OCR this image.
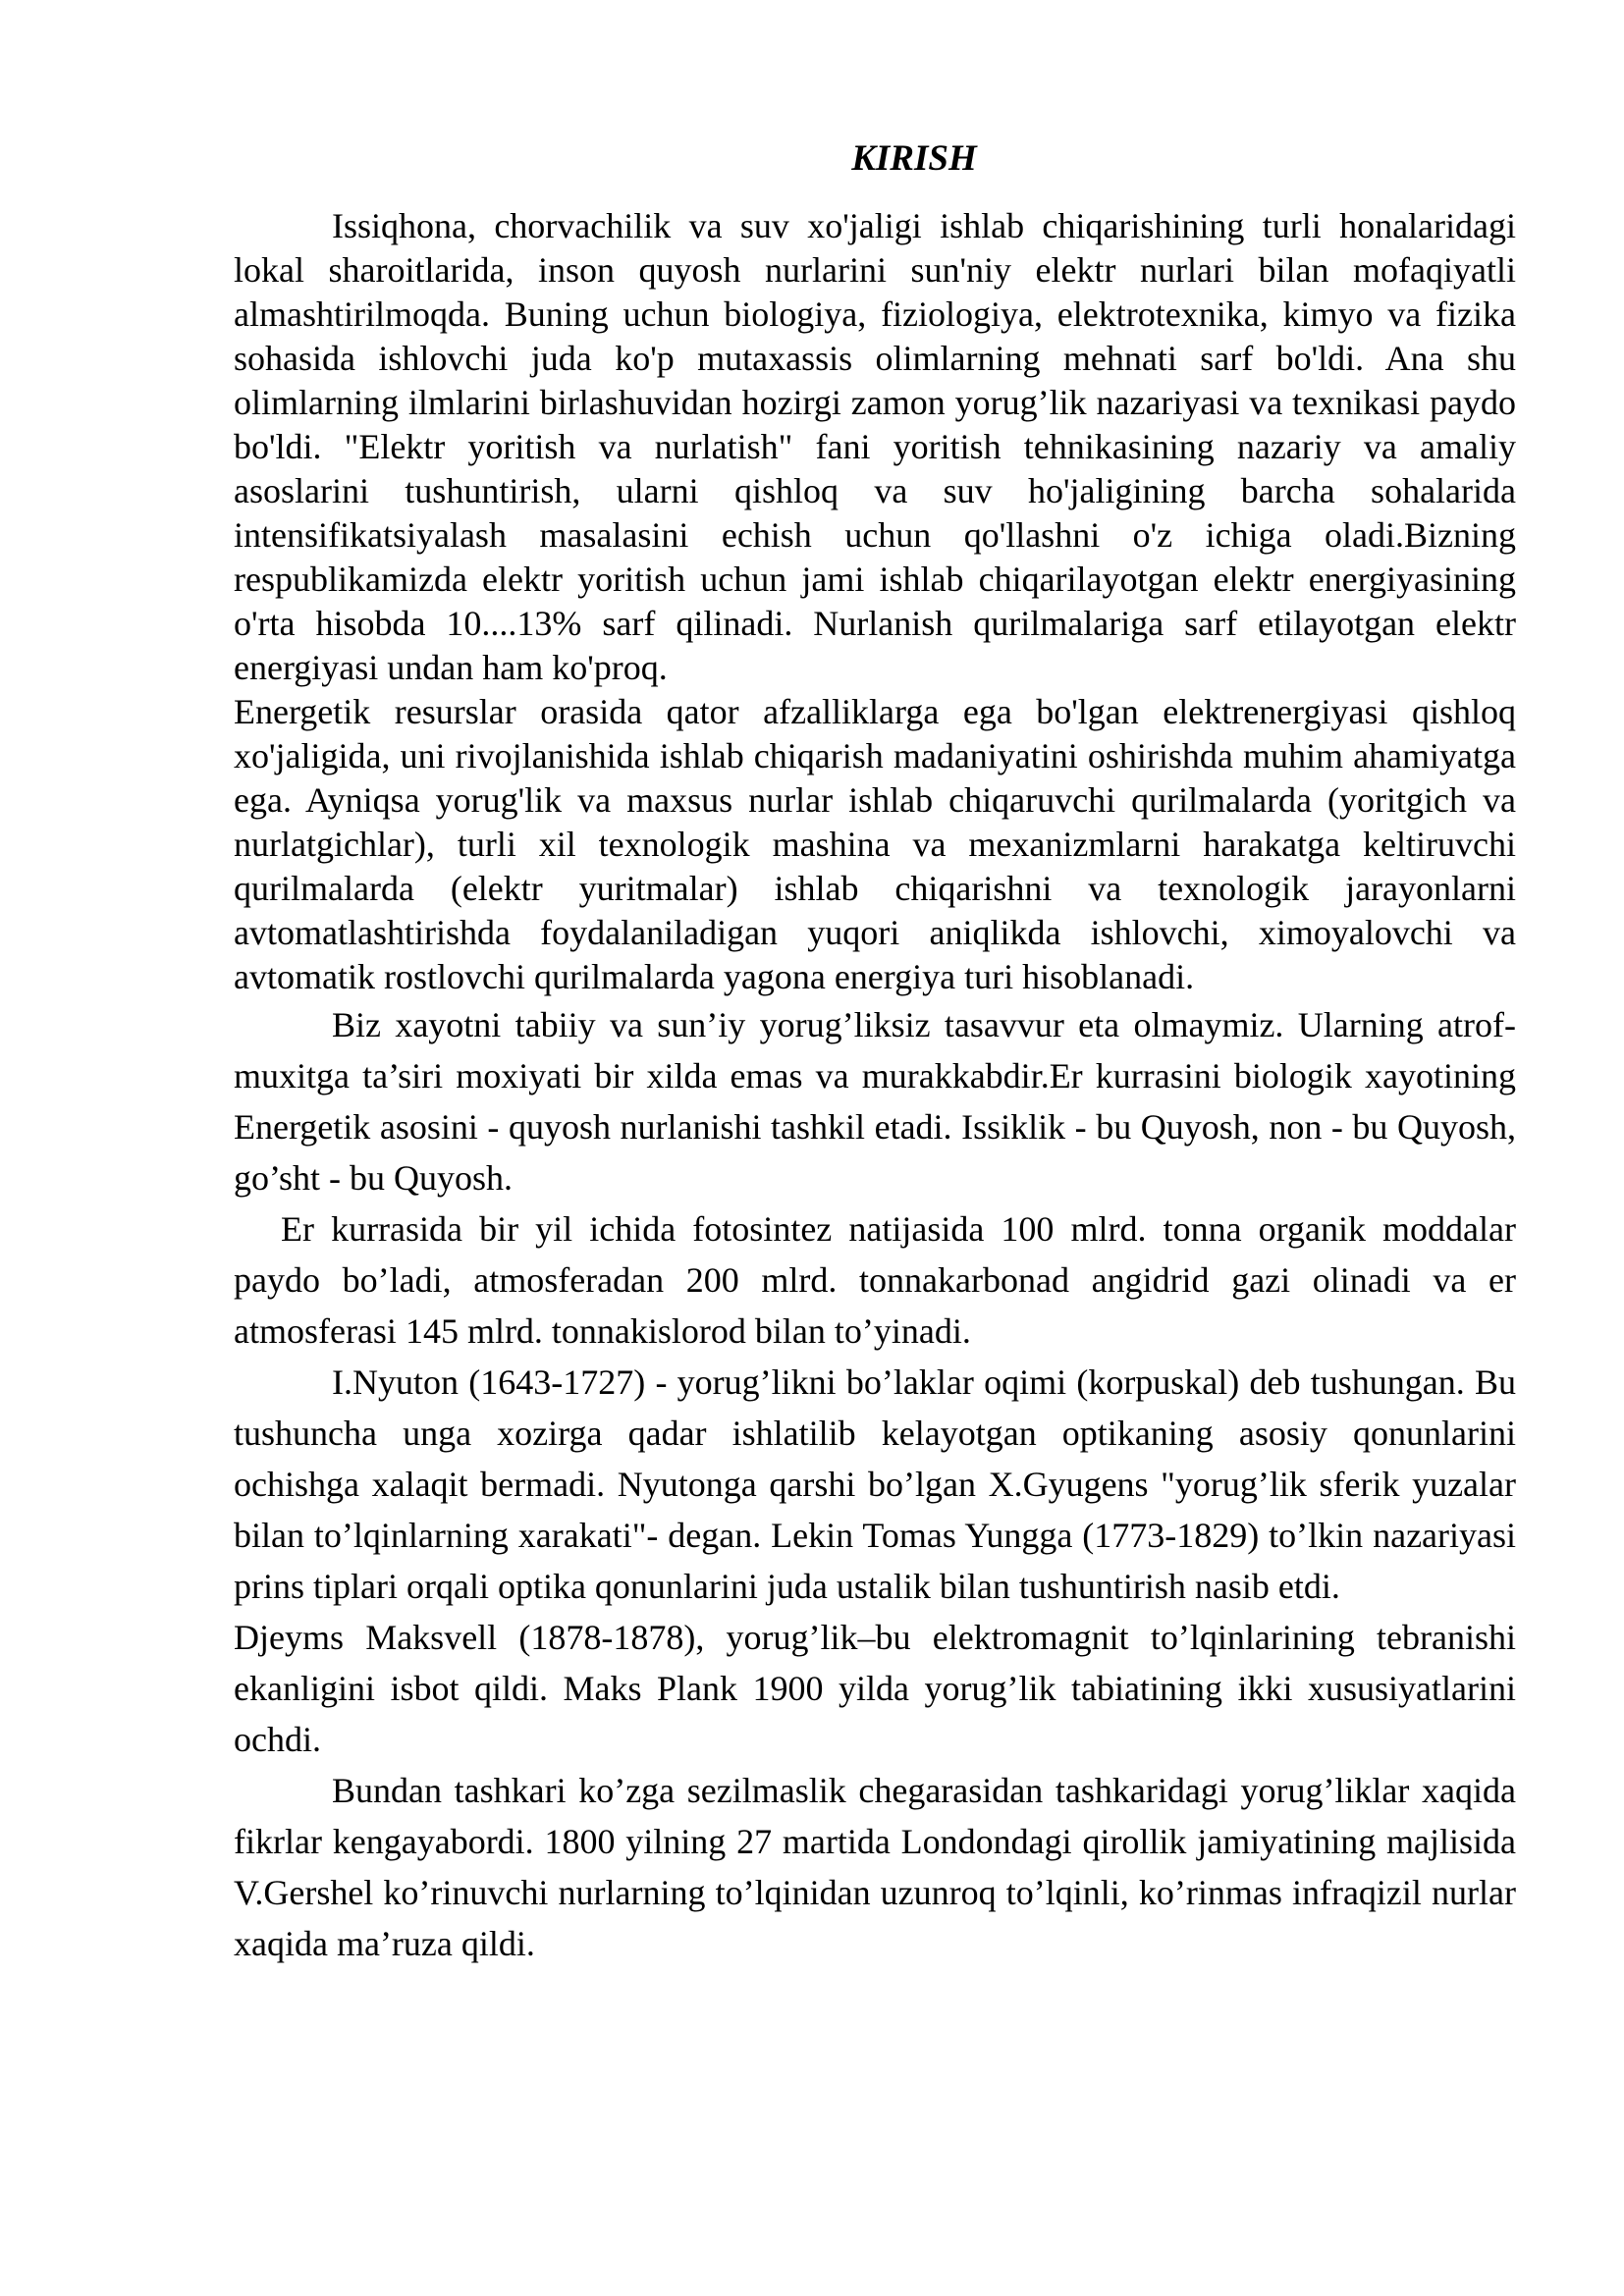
KIRISH

Issiqhona, chorvachilik va suv xo'jaligi ishlab chiqarishining turli honalaridagi lokal sharoitlarida, inson quyosh nurlarini sun'niy elektr nurlari bilan mofaqiyatli almashtirilmoqda. Buning uchun biologiya, fiziologiya, elektrotexnika, kimyo va fizika sohasida ishlovchi juda ko'p mutaxassis olimlarning mehnati sarf bo'ldi. Ana shu olimlarning ilmlarini birlashuvidan hozirgi zamon yorug’lik nazariyasi va texnikasi paydo bo'ldi. "Elektr yoritish va nurlatish" fani yoritish tehnikasining nazariy va amaliy asoslarini tushuntirish, ularni qishloq va suv ho'jaligining barcha sohalarida intensifikatsiyalash masalasini echish uchun qo'llashni o'z ichiga oladi.Bizning respublikamizda elektr yoritish uchun jami ishlab chiqarilayotgan elektr energiyasining o'rta hisobda 10....13% sarf qilinadi. Nurlanish qurilmalariga sarf etilayotgan elektr energiyasi undan ham ko'proq.

Energetik resurslar orasida qator afzalliklarga ega bo'lgan elektrenergiyasi qishloq xo'jaligida, uni rivojlanishida ishlab chiqarish madaniyatini oshirishda muhim ahamiyatga ega. Ayniqsa yorug'lik va maxsus nurlar ishlab chiqaruvchi qurilmalarda (yoritgich va nurlatgichlar), turli xil texnologik mashina va mexanizmlarni harakatga keltiruvchi qurilmalarda (elektr yuritmalar) ishlab chiqarishni va texnologik jarayonlarni avtomatlashtirishda foydalaniladigan yuqori aniqlikda ishlovchi, ximoyalovchi va avtomatik rostlovchi qurilmalarda yagona energiya turi hisoblanadi.

Biz xayotni tabiiy va sun’iy yorug’liksiz tasavvur eta olmaymiz. Ularning atrof-muxitga ta’siri moxiyati bir xilda emas va murakkabdir.Er kurrasini biologik xayotining Energetik asosini - quyosh nurlanishi tashkil etadi. Issiklik - bu Quyosh, non - bu Quyosh, go’sht - bu Quyosh.

Er kurrasida bir yil ichida fotosintez natijasida 100 mlrd. tonna organik moddalar paydo bo’ladi, atmosferadan 200 mlrd. tonnakarbonad angidrid gazi olinadi va er atmosferasi 145 mlrd. tonnakislorod bilan to’yinadi.

I.Nyuton (1643-1727) - yorug’likni bo’laklar oqimi (korpuskal) deb tushungan. Bu tushuncha unga xozirga qadar ishlatilib kelayotgan optikaning asosiy qonunlarini ochishga xalaqit bermadi. Nyutonga qarshi bo’lgan X.Gyugens "yorug’lik sferik yuzalar bilan to’lqinlarning xarakati"- degan. Lekin Tomas Yungga (1773-1829) to’lkin nazariyasi prins tiplari orqali optika qonunlarini juda ustalik bilan tushuntirish nasib etdi.

Djeyms Maksvell (1878-1878), yorug’lik–bu elektromagnit to’lqinlarining tebranishi ekanligini isbot qildi. Maks Plank 1900 yilda yorug’lik tabiatining ikki xususiyatlarini ochdi.

Bundan tashkari ko’zga sezilmaslik chegarasidan tashkaridagi yorug’liklar xaqida fikrlar kengayabordi. 1800 yilning 27 martida Londondagi qirollik jamiyatining majlisida V.Gershel ko’rinuvchi nurlarning to’lqinidan uzunroq to’lqinli, ko’rinmas infraqizil nurlar xaqida ma’ruza qildi.
